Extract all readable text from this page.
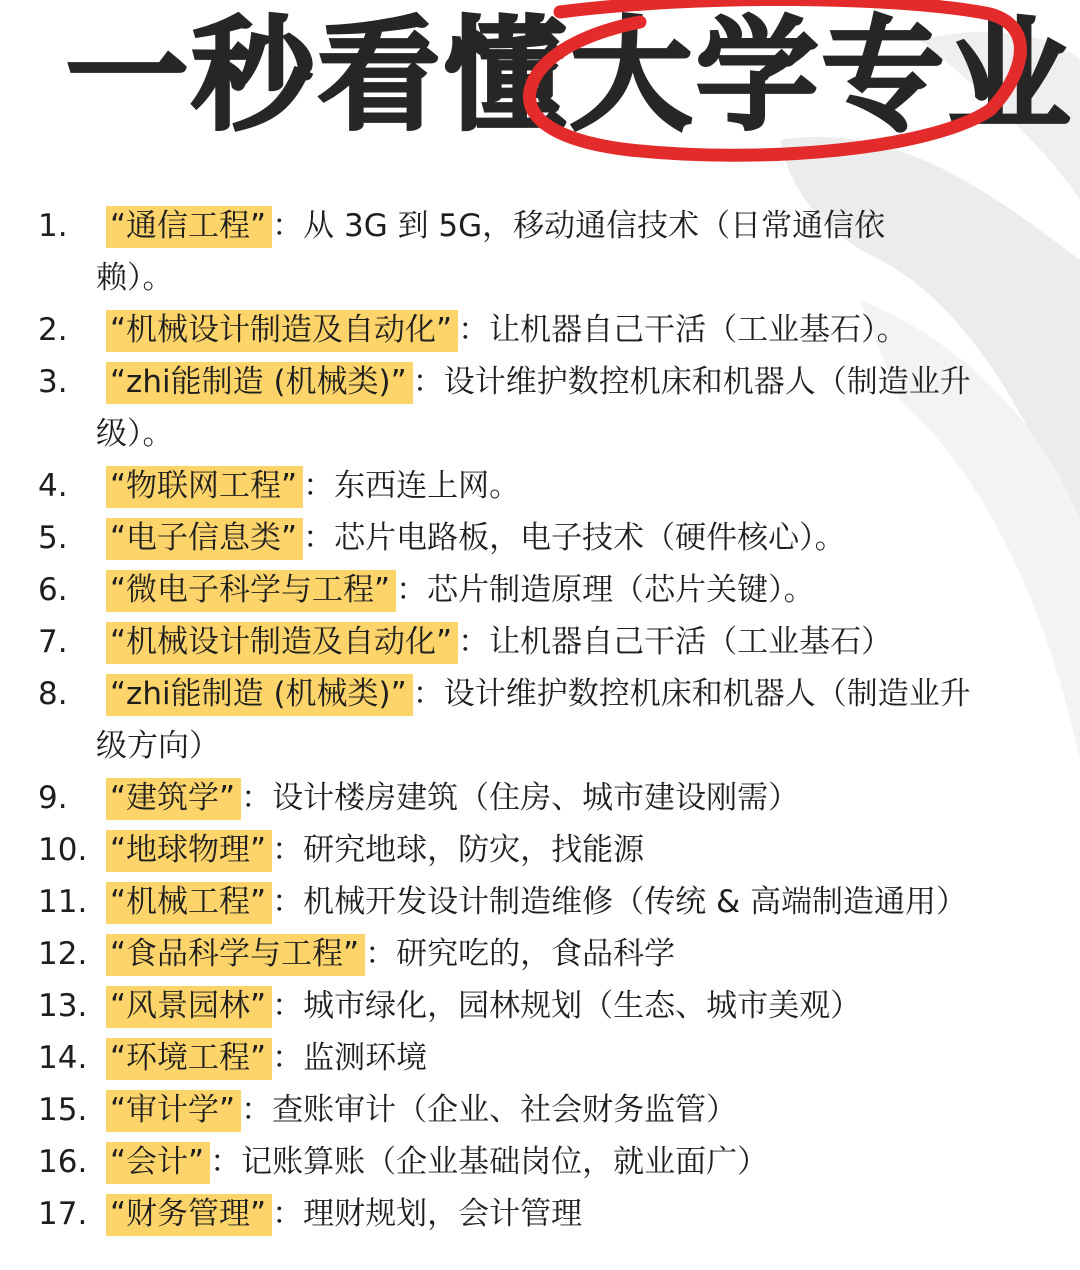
一秒看懂大学专业
1. “通信工程” ：从 3G 到 5G，移动通信技术（日常通信依
赖）。
2. “机械设计制造及自动化” ：让机器自己干活（工业基石）。
3. “zhi能制造 (机械类)” ：设计维护数控机床和机器人（制造业升
级）。
4. “物联网工程” ：东西连上网。
5. “电子信息类” ：芯片电路板，电子技术（硬件核心）。
6. “微电子科学与工程” ：芯片制造原理（芯片关键）。
7. “机械设计制造及自动化” ：让机器自己干活（工业基石）
8. “zhi能制造 (机械类)” ：设计维护数控机床和机器人（制造业升
级方向）
9. “建筑学” ：设计楼房建筑（住房、城市建设刚需）
10. “地球物理” ：研究地球，防灾，找能源
11. “机械工程” ：机械开发设计制造维修（传统 & 高端制造通用）
12. “食品科学与工程” ：研究吃的，食品科学
13. “风景园林” ：城市绿化，园林规划（生态、城市美观）
14. “环境工程” ：监测环境
15. “审计学” ：查账审计（企业、社会财务监管）
16. “会计” ：记账算账（企业基础岗位，就业面广）
17. “财务管理” ：理财规划，会计管理
